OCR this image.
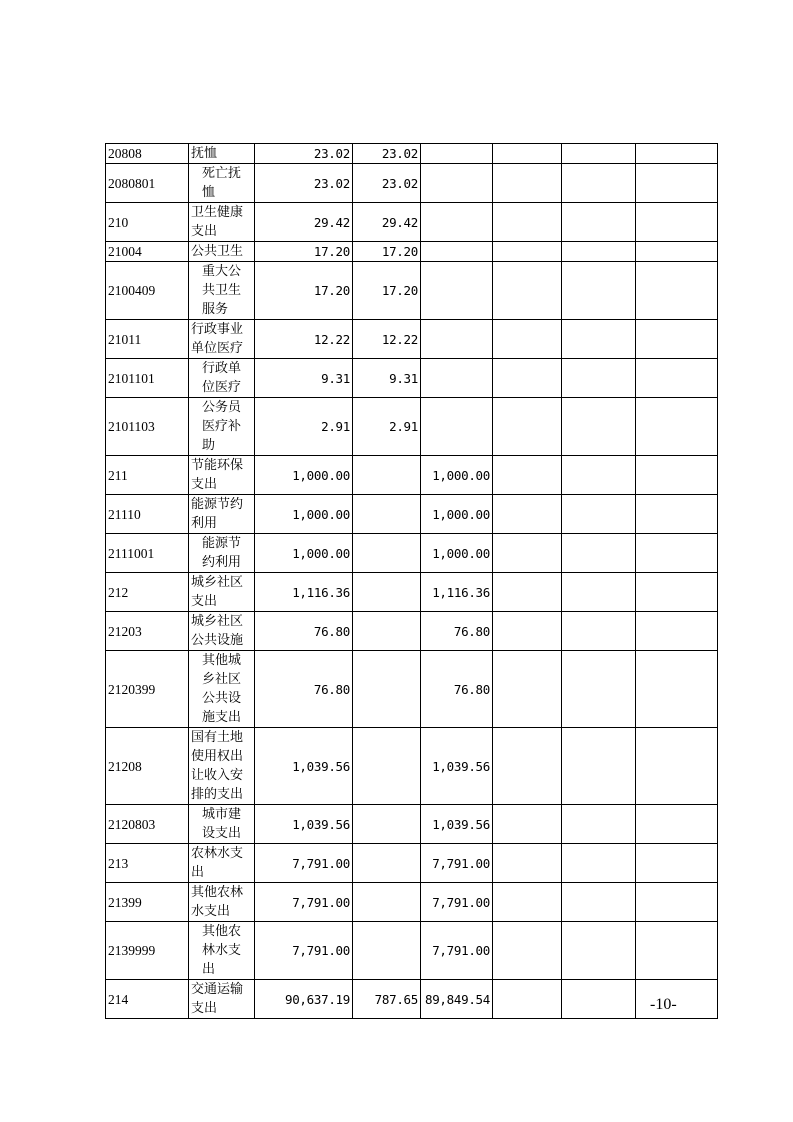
20808	抚恤	23.02	23.02				
2080801	死亡抚恤	23.02	23.02				
210	卫生健康支出	29.42	29.42				
21004	公共卫生	17.20	17.20				
2100409	重大公共卫生服务	17.20	17.20				
21011	行政事业单位医疗	12.22	12.22				
2101101	行政单位医疗	9.31	9.31				
2101103	公务员医疗补助	2.91	2.91				
211	节能环保支出	1,000.00		1,000.00			
21110	能源节约利用	1,000.00		1,000.00			
2111001	能源节约利用	1,000.00		1,000.00			
212	城乡社区支出	1,116.36		1,116.36			
21203	城乡社区公共设施	76.80		76.80			
2120399	其他城乡社区公共设施支出	76.80		76.80			
21208	国有土地使用权出让收入安排的支出	1,039.56		1,039.56			
2120803	城市建设支出	1,039.56		1,039.56			
213	农林水支出	7,791.00		7,791.00			
21399	其他农林水支出	7,791.00		7,791.00			
2139999	其他农林水支出	7,791.00		7,791.00			
214	交通运输支出	90,637.19	787.65	89,849.54				-10-
